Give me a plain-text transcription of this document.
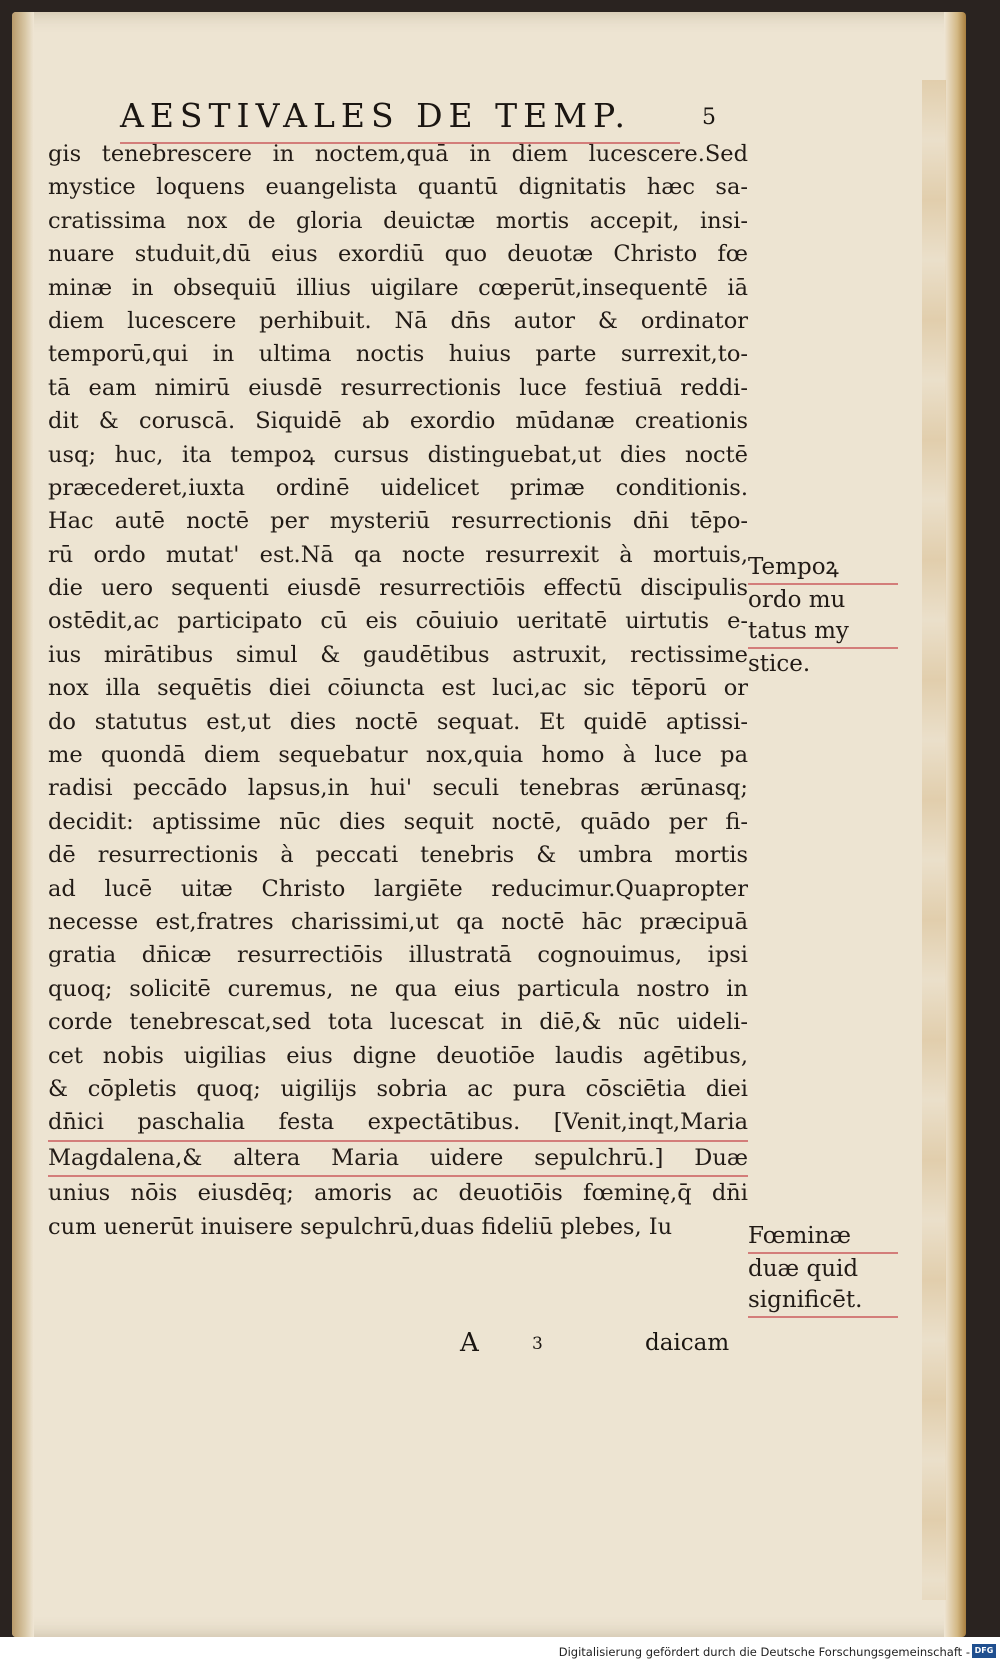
AESTIVALES DE TEMP.	5
gis tenebrescere in noctem,quā in diem lucescere.Sed
mystice loquens euangelista quantū dignitatis hæc sa-
cratissima nox de gloria deuictæ mortis accepit, insi-
nuare studuit,dū eius exordiū quo deuotæ Christo fœ
minæ in obsequiū illius uigilare cœperūt,insequentē iā
diem lucescere perhibuit. Nā dn̄s autor & ordinator
temporū,qui in ultima noctis huius parte surrexit,to-
tā eam nimirū eiusdē resurrectionis luce festiuā reddi-
dit & coruscā. Siquidē ab exordio mūdanæ creationis
usq; huc, ita tempoꝝ cursus distinguebat,ut dies noctē
præcederet,iuxta ordinē uidelicet primæ conditionis.
Hac autē noctē per mysteriū resurrectionis dn̄i tēpo-
rū ordo mutat' est.Nā qa nocte resurrexit à mortuis,
die uero sequenti eiusdē resurrectiōis effectū discipulis
ostēdit,ac participato cū eis cōuiuio ueritatē uirtutis e-
ius mirātibus simul & gaudētibus astruxit, rectissime
nox illa sequētis diei cōiuncta est luci,ac sic tēporū or
do statutus est,ut dies noctē sequat. Et quidē aptissi-
me quondā diem sequebatur nox,quia homo à luce pa
radisi peccādo lapsus,in hui' seculi tenebras ærūnasq;
decidit: aptissime nūc dies sequit noctē, quādo per fi-
dē resurrectionis à peccati tenebris & umbra mortis
ad lucē uitæ Christo largiēte reducimur.Quapropter
necesse est,fratres charissimi,ut qa noctē hāc præcipuā
gratia dn̄icæ resurrectiōis illustratā cognouimus, ipsi
quoq; solicitē curemus, ne qua eius particula nostro in
corde tenebrescat,sed tota lucescat in diē,& nūc uideli-
cet nobis uigilias eius digne deuotiōe laudis agētibus,
& cōpletis quoq; uigilijs sobria ac pura cōsciētia diei
dn̄ici paschalia festa expectātibus. [Venit,inqt,Maria
Magdalena,& altera Maria uidere sepulchrū.] Duæ
unius nōis eiusdēq; amoris ac deuotiōis fœminę,q̄ dn̄i
cum uenerūt inuisere sepulchrū,duas fideliū plebes, Iu
Tempoꝝ
ordo mu
tatus my
stice.
Fœminæ
duæ quid
significēt.
A	3	daicam
Digitalisierung gefördert durch die Deutsche Forschungsgemeinschaft - DFG
